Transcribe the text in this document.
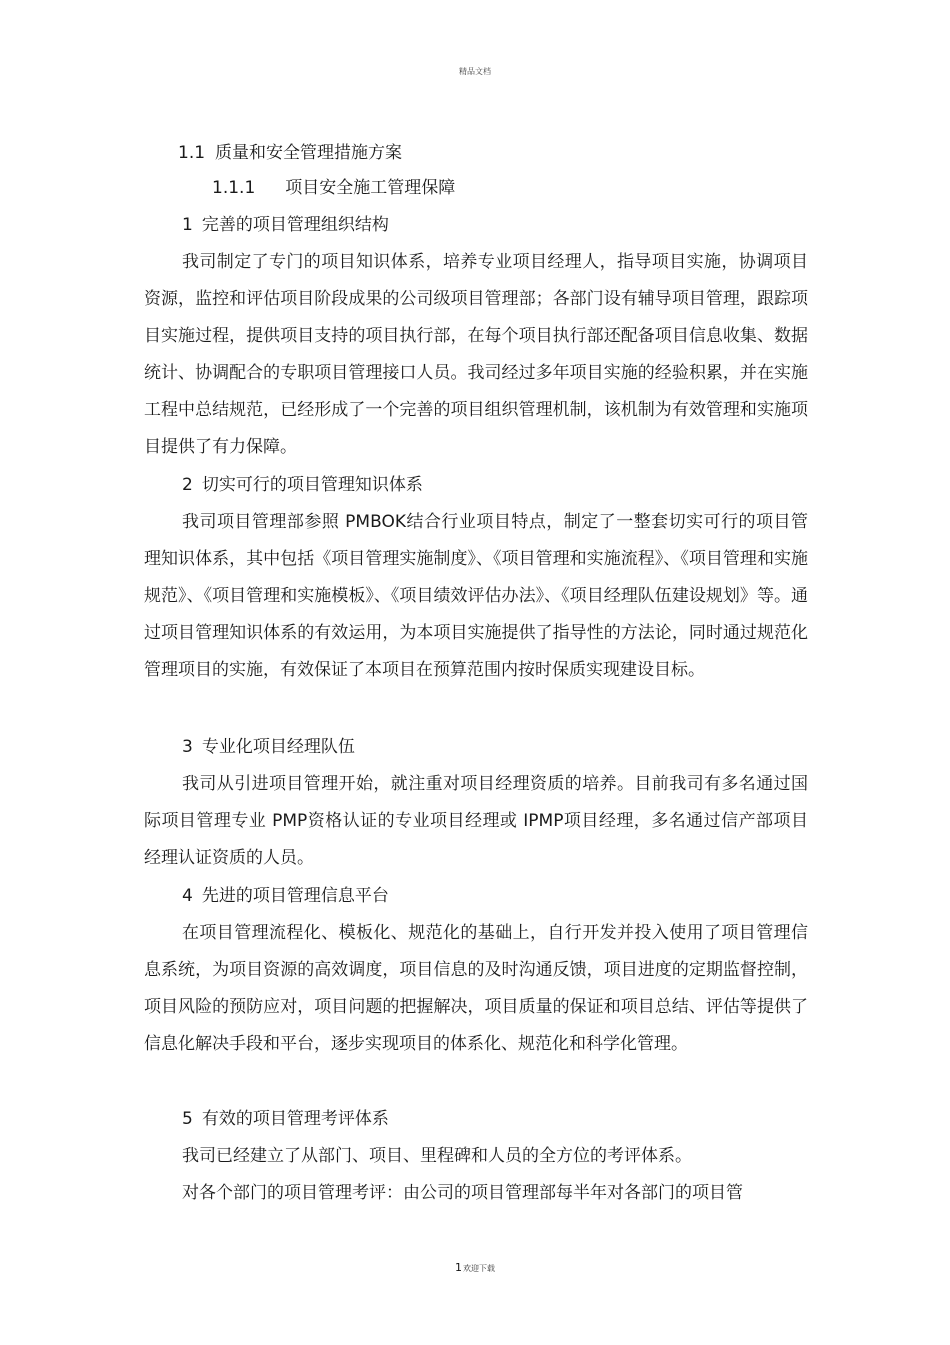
精品文档
1.1 质量和安全管理措施方案
1.1.1 项目安全施工管理保障
1 完善的项目管理组织结构

我司制定了专门的项目知识体系，培养专业项目经理人，指导项目实施，协调项目资源，监控和评估项目阶段成果的公司级项目管理部；各部门设有辅导项目管理，跟踪项目实施过程，提供项目支持的项目执行部，在每个项目执行部还配备项目信息收集、数据统计、协调配合的专职项目管理接口人员。我司经过多年项目实施的经验积累，并在实施工程中总结规范，已经形成了一个完善的项目组织管理机制，该机制为有效管理和实施项目提供了有力保障。

2 切实可行的项目管理知识体系

我司项目管理部参照 PMBOK结合行业项目特点，制定了一整套切实可行的项目管理知识体系，其中包括《项目管理实施制度》、《项目管理和实施流程》、《项目管理和实施规范》、《项目管理和实施模板》、《项目绩效评估办法》、《项目经理队伍建设规划》等。通过项目管理知识体系的有效运用，为本项目实施提供了指导性的方法论，同时通过规范化管理项目的实施，有效保证了本项目在预算范围内按时保质实现建设目标。

3 专业化项目经理队伍

我司从引进项目管理开始，就注重对项目经理资质的培养。目前我司有多名通过国际项目管理专业 PMP资格认证的专业项目经理或 IPMP项目经理，多名通过信产部项目经理认证资质的人员。

4 先进的项目管理信息平台

在项目管理流程化、模板化、规范化的基础上，自行开发并投入使用了项目管理信息系统，为项目资源的高效调度，项目信息的及时沟通反馈，项目进度的定期监督控制，项目风险的预防应对，项目问题的把握解决，项目质量的保证和项目总结、评估等提供了信息化解决手段和平台，逐步实现项目的体系化、规范化和科学化管理。

5 有效的项目管理考评体系

我司已经建立了从部门、项目、里程碑和人员的全方位的考评体系。

对各个部门的项目管理考评：由公司的项目管理部每半年对各部门的项目管

1欢迎下载
